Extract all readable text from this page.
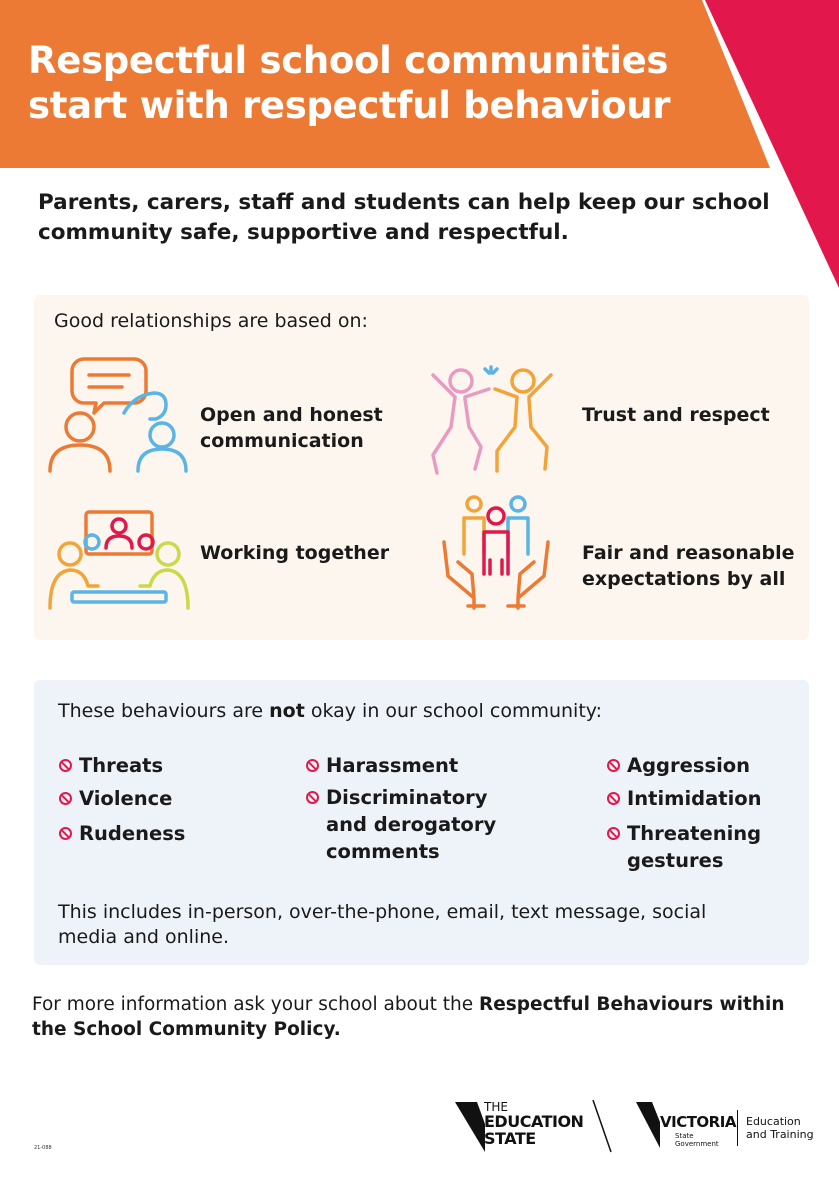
Respectful school communities
start with respectful behaviour

Parents, carers, staff and students can help keep our school
community safe, supportive and respectful.

Good relationships are based on:

Open and honest
communication
Trust and respect
Working together	Fair and reasonable
expectations by all

These behaviours are not okay in our school community:

Threats
Violence
Rudeness
Harassment
Discriminatory
and derogatory
comments
Aggression
Intimidation
Threatening
gestures

This includes in-person, over-the-phone, email, text message, social
media and online.

For more information ask your school about the Respectful Behaviours within the School Community Policy.

THE
EDUCATION
STATE
VICTORIA
State
Government
Education
and Training
21-088
